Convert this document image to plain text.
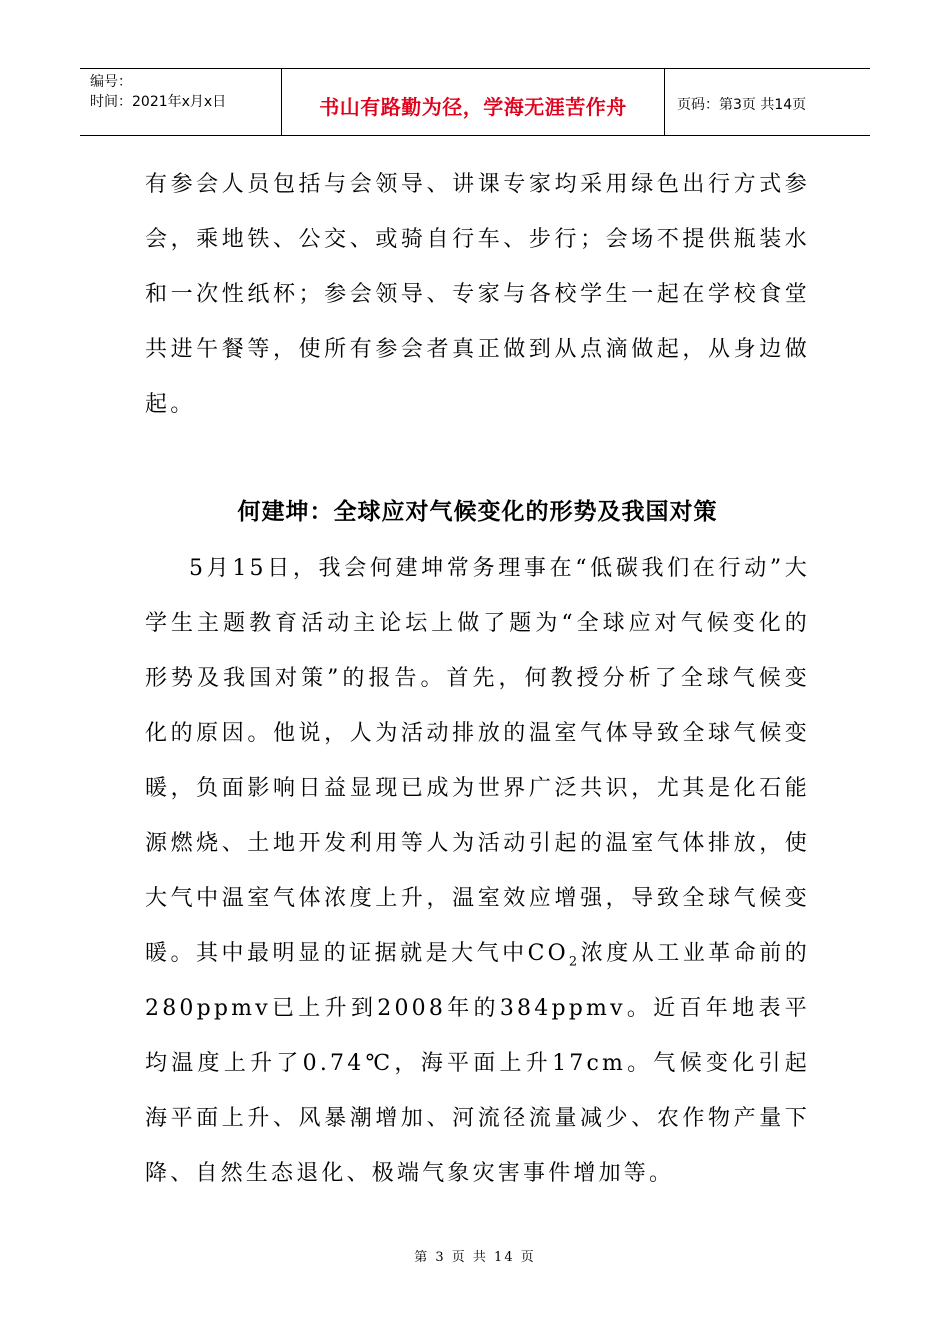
编号：
时间：2021年x月x日	书山有路勤为径，学海无涯苦作舟	页码：第3页 共14页

有参会人员包括与会领导、讲课专家均采用绿色出行方式参会，乘地铁、公交、或骑自行车、步行；会场不提供瓶装水和一次性纸杯；参会领导、专家与各校学生一起在学校食堂共进午餐等，使所有参会者真正做到从点滴做起，从身边做起。

何建坤：全球应对气候变化的形势及我国对策

5月15日，我会何建坤常务理事在“低碳我们在行动”大学生主题教育活动主论坛上做了题为“全球应对气候变化的形势及我国对策”的报告。首先，何教授分析了全球气候变化的原因。他说，人为活动排放的温室气体导致全球气候变暖，负面影响日益显现已成为世界广泛共识，尤其是化石能源燃烧、土地开发利用等人为活动引起的温室气体排放，使大气中温室气体浓度上升，温室效应增强，导致全球气候变暖。其中最明显的证据就是大气中$CO_2$浓度从工业革命前的280ppmv已上升到2008年的384ppmv。近百年地表平均温度上升了0.74℃，海平面上升17cm。气候变化引起海平面上升、风暴潮增加、河流径流量减少、农作物产量下降、自然生态退化、极端气象灾害事件增加等。

第 3 页 共 14 页
